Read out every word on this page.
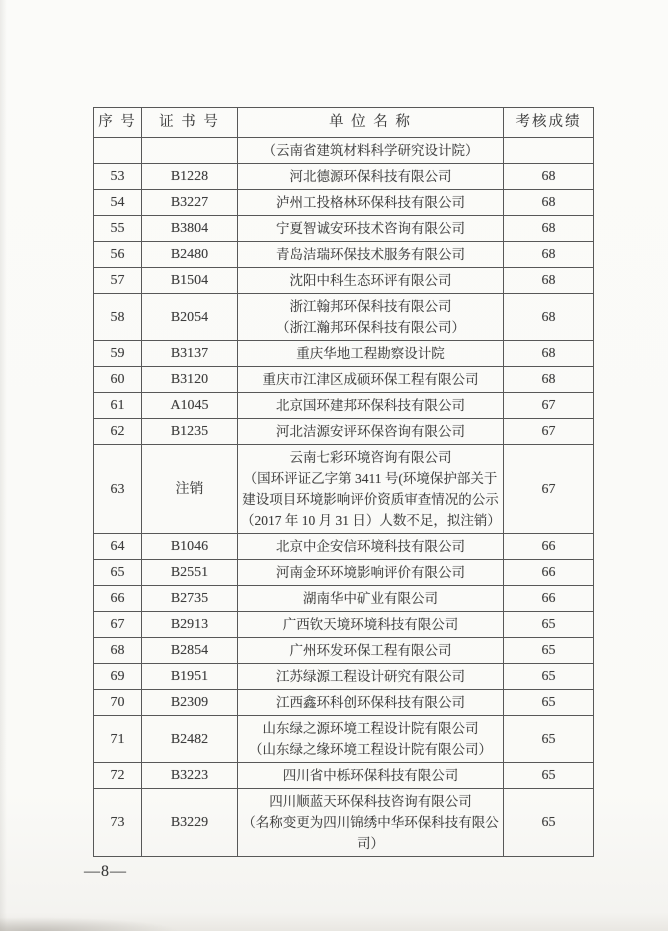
序 号	证 书 号	单 位 名 称	考核成绩

		（云南省建筑材料科学研究设计院）	

53	B1228	河北德源环保科技有限公司	68
54	B3227	泸州工投格林环保科技有限公司	68
55	B3804	宁夏智诚安环技术咨询有限公司	68
56	B2480	青岛洁瑞环保技术服务有限公司	68
57	B1504	沈阳中科生态环评有限公司	68
58	B2054	浙江翰邦环保科技有限公司
（浙江瀚邦环保科技有限公司）	68
59	B3137	重庆华地工程勘察设计院	68
60	B3120	重庆市江津区成硕环保工程有限公司	68
61	A1045	北京国环建邦环保科技有限公司	67
62	B1235	河北洁源安评环保咨询有限公司	67
63	注销	云南七彩环境咨询有限公司
（国环评证乙字第 3411 号(环境保护部关于建设项目环境影响评价资质审查情况的公示（2017 年 10 月 31 日）人数不足，拟注销）	67
64	B1046	北京中企安信环境科技有限公司	66
65	B2551	河南金环环境影响评价有限公司	66
66	B2735	湖南华中矿业有限公司	66
67	B2913	广西钦天境环境科技有限公司	65
68	B2854	广州环发环保工程有限公司	65
69	B1951	江苏绿源工程设计研究有限公司	65
70	B2309	江西鑫环科创环保科技有限公司	65
71	B2482	山东绿之源环境工程设计院有限公司
（山东绿之缘环境工程设计院有限公司）	65
72	B3223	四川省中栎环保科技有限公司	65
73	B3229	四川顺蓝天环保科技咨询有限公司
（名称变更为四川锦绣中华环保科技有限公司）	65
—8—
